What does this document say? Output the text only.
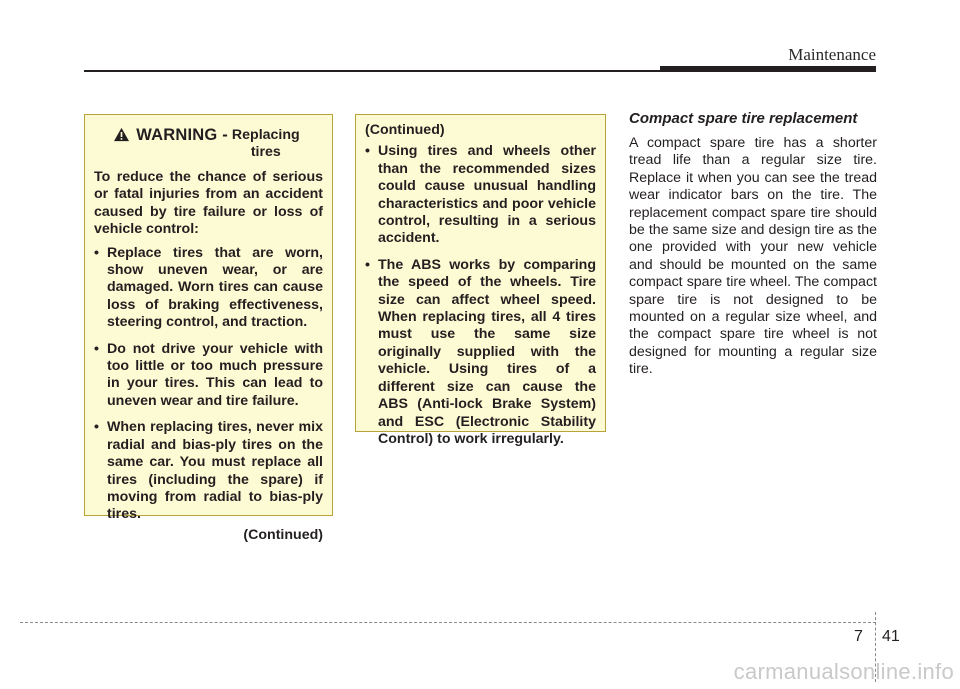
Maintenance
WARNING - Replacing
tires

To reduce the chance of serious or fatal injuries from an accident caused by tire failure or loss of vehicle control:

• Replace tires that are worn, show uneven wear, or are damaged. Worn tires can cause loss of braking effectiveness, steering control, and traction.
• Do not drive your vehicle with too little or too much pressure in your tires. This can lead to uneven wear and tire failure.
• When replacing tires, never mix radial and bias-ply tires on the same car. You must replace all tires (including the spare) if moving from radial to bias-ply tires.
(Continued)
(Continued)
• Using tires and wheels other than the recommended sizes could cause unusual handling characteristics and poor vehicle control, resulting in a serious accident.
• The ABS works by comparing the speed of the wheels. Tire size can affect wheel speed. When replacing tires, all 4 tires must use the same size originally supplied with the vehicle. Using tires of a different size can cause the ABS (Anti-lock Brake System) and ESC (Electronic Stability Control) to work irregularly.
Compact spare tire replacement

A compact spare tire has a shorter tread life than a regular size tire. Replace it when you can see the tread wear indicator bars on the tire. The replacement compact spare tire should be the same size and design tire as the one provided with your new vehicle and should be mounted on the same compact spare tire wheel. The compact spare tire is not designed to be mounted on a regular size wheel, and the compact spare tire wheel is not designed for mounting a regular size tire.

7 41
carmanualsonline.info
